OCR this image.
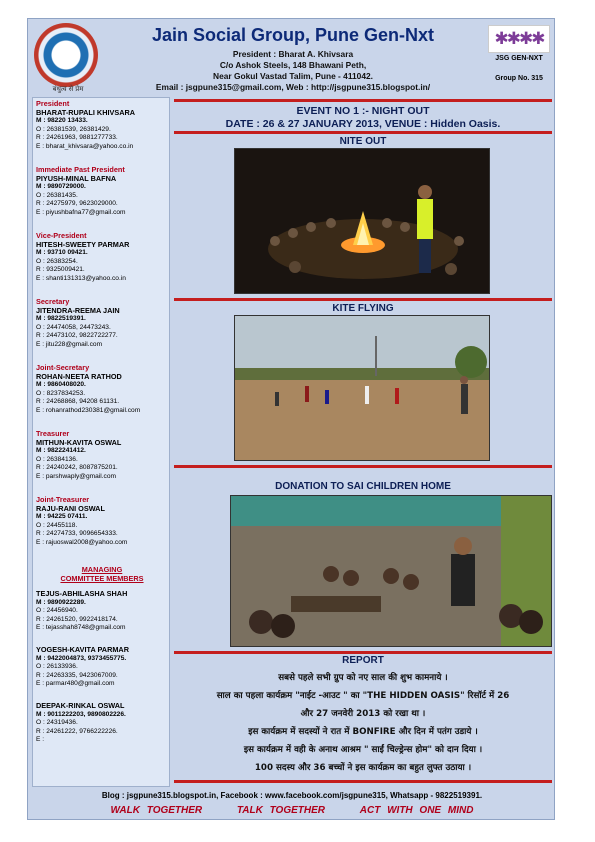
JSG
बंधुत्व से प्रेम
Jain Social Group, Pune Gen-Nxt
President : Bharat A. Khivsara
C/o Ashok Steels, 148 Bhawani Peth,
Near Gokul Vastad Talim, Pune - 411042.
Email : jsgpune315@gmail.com, Web : http://jsgpune315.blogspot.in/
✱✱✱✱
JSG GEN-NXT
Group No. 315
President
BHARAT-RUPALI KHIVSARA
M : 98220 13433.
O : 26381539, 26381429.
R : 24261963, 9881277733.
E : bharat_khivsara@yahoo.co.in
Immediate Past President
PIYUSH-MINAL BAFNA
M : 9890729000.
O : 26381435.
R : 24275979, 9623029000.
E : piyushbafna77@gmail.com
Vice-President
HITESH-SWEETY PARMAR
M : 93710 09421.
O : 26383254.
R : 9325009421.
E : shanti131313@yahoo.co.in
Secretary
JITENDRA-REEMA JAIN
M : 9822519391.
O : 24474058, 24473243.
R : 24473102, 9822722277.
E : jitu228@gmail.com
Joint-Secretary
ROHAN-NEETA RATHOD
M : 9860408020.
O : 8237834253.
R : 24268868, 94208 61131.
E : rohanrathod230381@gmail.com
Treasurer
MITHUN-KAVITA OSWAL
M : 9822241412.
O : 26384136.
R : 24240242, 8087875201.
E : parshwaply@gmail.com
Joint-Treasurer
RAJU-RANI OSWAL
M : 94225 07411.
O : 24455118.
R : 24274733, 9096654333.
E : rajuoswal2008@yahoo.com
MANAGING
COMMITTEE MEMBERS
TEJUS-ABHILASHA SHAH
M : 9890922289.
O : 24456940.
R : 24261520, 9922418174.
E : tejasshah8748@gmail.com
YOGESH-KAVITA PARMAR
M : 9422004873, 9373455775.
O : 26133936.
R : 24263335, 9423067009.
E : parmar480@gmail.com
DEEPAK-RINKAL OSWAL
M : 9011222203, 9890802226.
O : 24319436.
R : 24261222, 9766222226.
E :
EVENT NO 1 :- NIGHT OUT
DATE : 26 & 27 JANUARY 2013, VENUE : Hidden Oasis.
NITE OUT
KITE FLYING
DONATION TO SAI CHILDREN HOME
REPORT
सबसे पहले सभी ग्रुप को नए साल की शुभ कामनाये ।
साल का पहला कार्यक्रम "नाईट -आउट " का "THE HIDDEN OASIS" रिसॉर्ट में 26
और 27 जनवेरी 2013 को रखा था ।
इस कार्यक्रम में सदस्यों ने रात में BONFIRE और दिन में पतंग उडाये ।
इस कार्यक्रम में वही के अनाथ आश्रम " साईं चिल्ड्रेन्स होम" को दान दिया ।
100 सदस्य और 36 बच्चों ने इस कार्यक्रम का बहुत लुफ्त उठाया ।
Blog : jsgpune315.blogspot.in, Facebook : www.facebook.com/jsgpune315, Whatsapp - 9822519391.
WALK TOGETHER	TALK TOGETHER	ACT WITH ONE MIND
